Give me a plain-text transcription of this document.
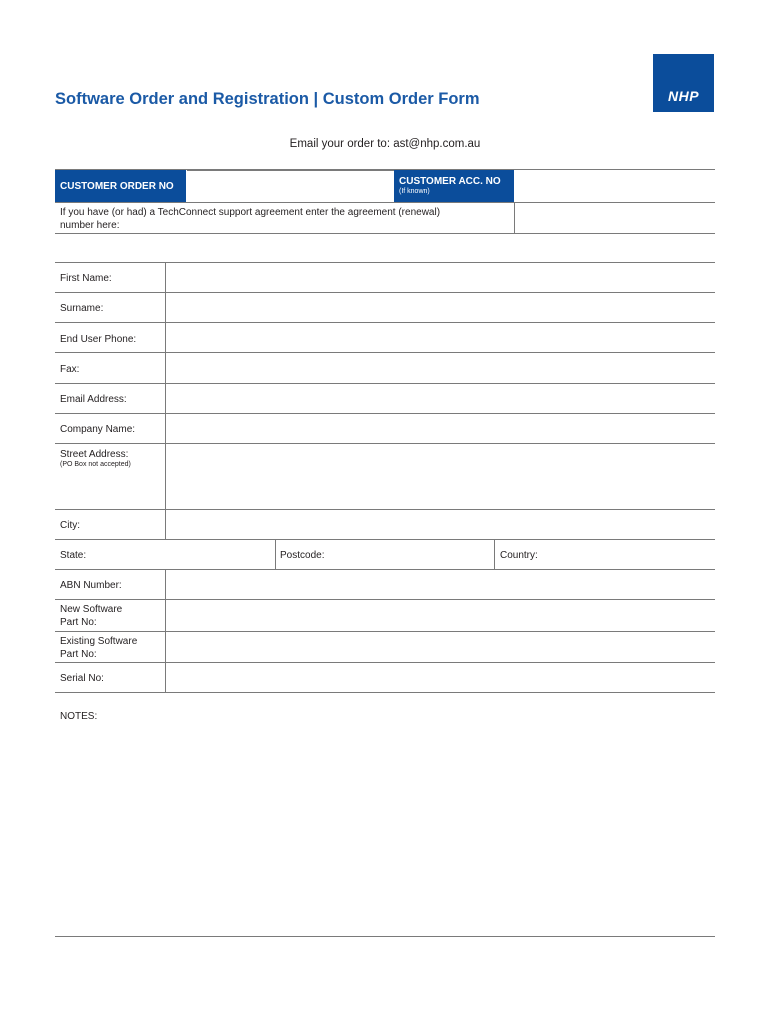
Software Order and Registration | Custom Order Form	NHP
Email your order to: ast@nhp.com.au
CUSTOMER ORDER NO	CUSTOMER ACC. NO
(If known)
If you have (or had) a TechConnect support agreement enter the agreement (renewal)
number here:
First Name:
Surname:
End User Phone:
Fax:
Email Address:
Company Name:
Street Address:
(PO Box not accepted)
City:
State:	Postcode:	Country:
ABN Number:
New Software
Part No:
Existing Software
Part No:
Serial No:
NOTES:
